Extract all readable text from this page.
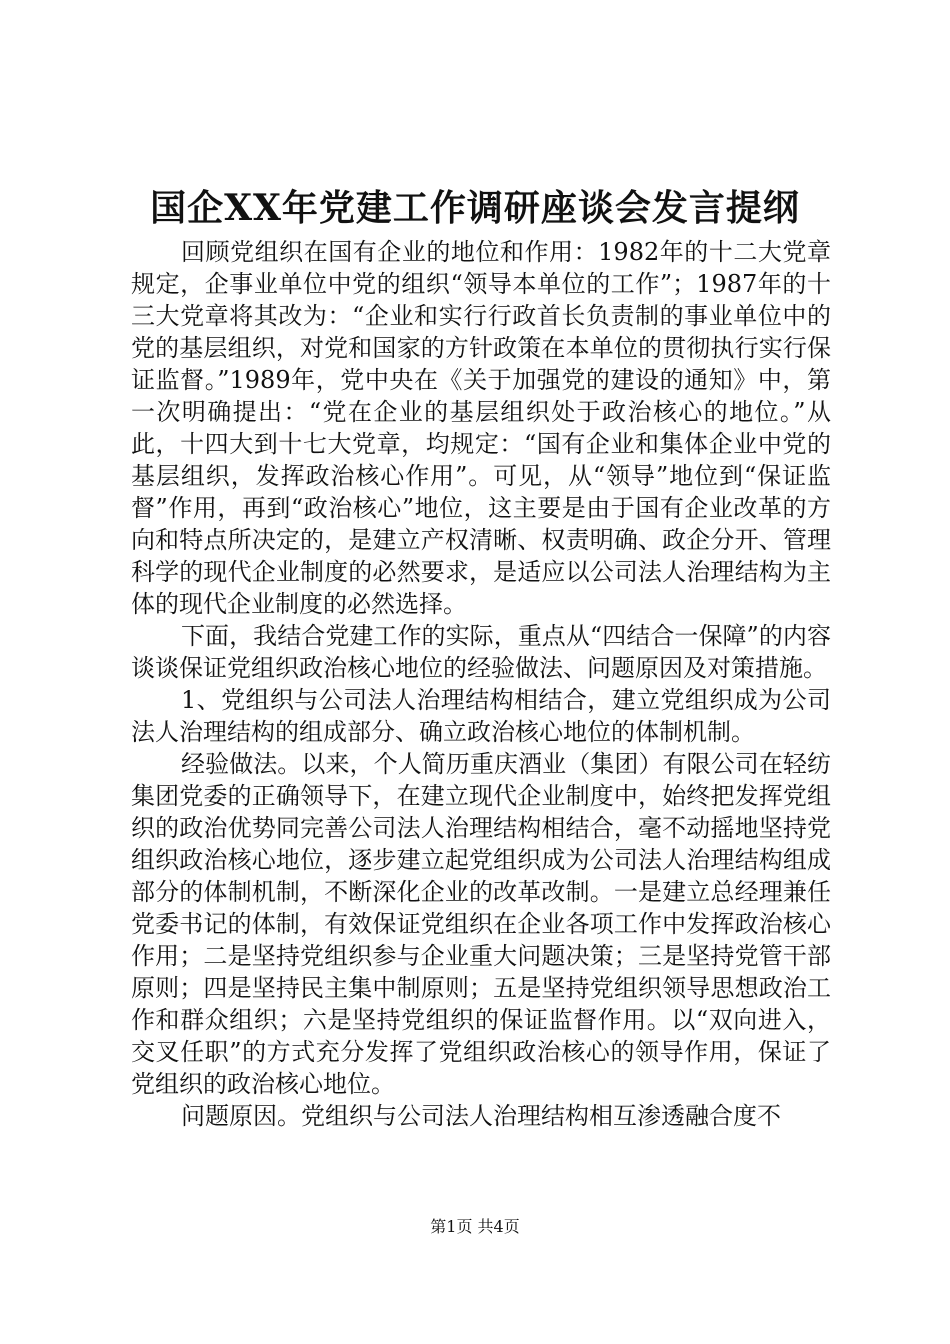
国企XX年党建工作调研座谈会发言提纲

回顾党组织在国有企业的地位和作用：1982年的十二大党章规定，企事业单位中党的组织“领导本单位的工作”；1987年的十三大党章将其改为：“企业和实行行政首长负责制的事业单位中的党的基层组织，对党和国家的方针政策在本单位的贯彻执行实行保证监督。”1989年，党中央在《关于加强党的建设的通知》中，第一次明确提出：“党在企业的基层组织处于政治核心的地位。”从此，十四大到十七大党章，均规定：“国有企业和集体企业中党的基层组织，发挥政治核心作用”。可见，从“领导”地位到“保证监督”作用，再到“政治核心”地位，这主要是由于国有企业改革的方向和特点所决定的，是建立产权清晰、权责明确、政企分开、管理科学的现代企业制度的必然要求，是适应以公司法人治理结构为主体的现代企业制度的必然选择。

下面，我结合党建工作的实际，重点从“四结合一保障”的内容谈谈保证党组织政治核心地位的经验做法、问题原因及对策措施。

1、党组织与公司法人治理结构相结合，建立党组织成为公司法人治理结构的组成部分、确立政治核心地位的体制机制。

经验做法。以来，个人简历重庆酒业（集团）有限公司在轻纺集团党委的正确领导下，在建立现代企业制度中，始终把发挥党组织的政治优势同完善公司法人治理结构相结合，毫不动摇地坚持党组织政治核心地位，逐步建立起党组织成为公司法人治理结构组成部分的体制机制，不断深化企业的改革改制。一是建立总经理兼任党委书记的体制，有效保证党组织在企业各项工作中发挥政治核心作用；二是坚持党组织参与企业重大问题决策；三是坚持党管干部原则；四是坚持民主集中制原则；五是坚持党组织领导思想政治工作和群众组织；六是坚持党组织的保证监督作用。以“双向进入，交叉任职”的方式充分发挥了党组织政治核心的领导作用，保证了党组织的政治核心地位。

问题原因。党组织与公司法人治理结构相互渗透融合度不

第1页 共4页
